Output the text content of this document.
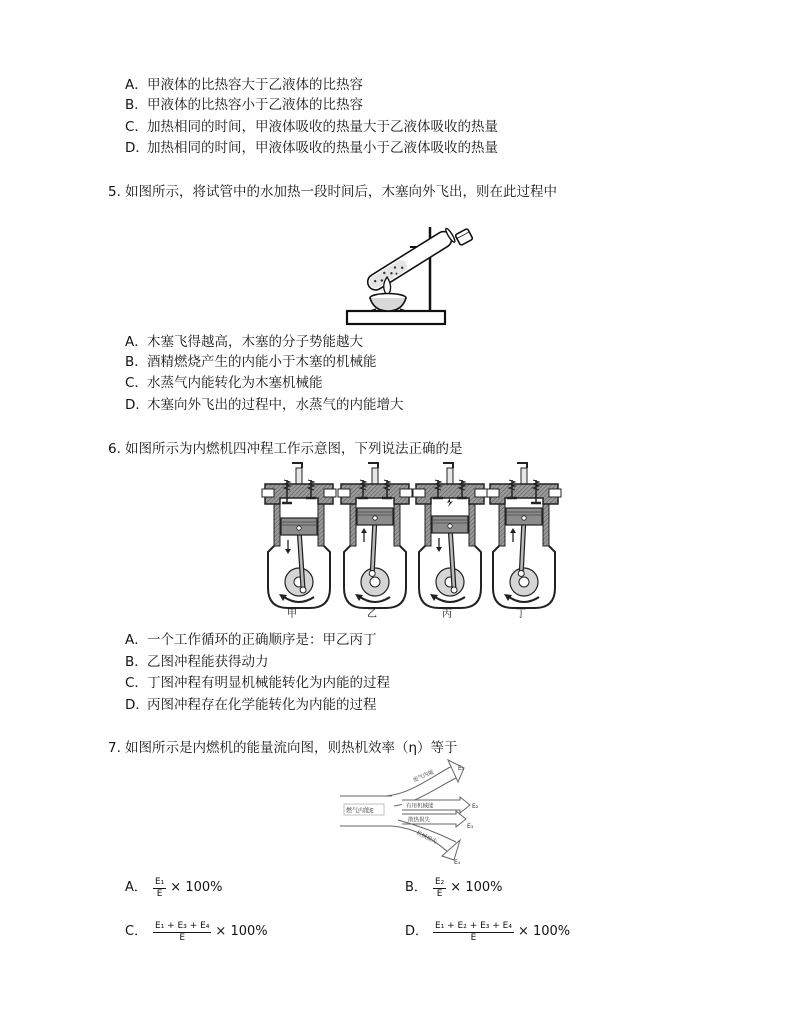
A．甲液体的比热容大于乙液体的比热容
B．甲液体的比热容小于乙液体的比热容
C．加热相同的时间，甲液体吸收的热量大于乙液体吸收的热量
D．加热相同的时间，甲液体吸收的热量小于乙液体吸收的热量
5. 如图所示，将试管中的水加热一段时间后，木塞向外飞出，则在此过程中
A．木塞飞得越高，木塞的分子势能越大
B．酒精燃烧产生的内能小于木塞的机械能
C．水蒸气内能转化为木塞机械能
D．木塞向外飞出的过程中，水蒸气的内能增大
6. 如图所示为内燃机四冲程工作示意图，下列说法正确的是
甲	乙	丙	丁
A．一个工作循环的正确顺序是：甲乙丙丁
B．乙图冲程能获得动力
C．丁图冲程有明显机械能转化为内能的过程
D．丙图冲程存在化学能转化为内能的过程
7. 如图所示是内燃机的能量流向图，则热机效率（η）等于
燃气内能E
废气内能
有用机械能
散热损失
机械损失
E₁
E₂
E₃
E₄
A． $\frac{\text{E₁}}{E} \times 100\%$	B． $\frac{\text{E₂}}{E} \times 100\%$
C． $\frac{\text{E₁ + E₃ + E₄}}{E} \times 100\%$	D． $\frac{\text{E₁ + E₂ + E₃ + E₄}}{E} \times 100\%$
